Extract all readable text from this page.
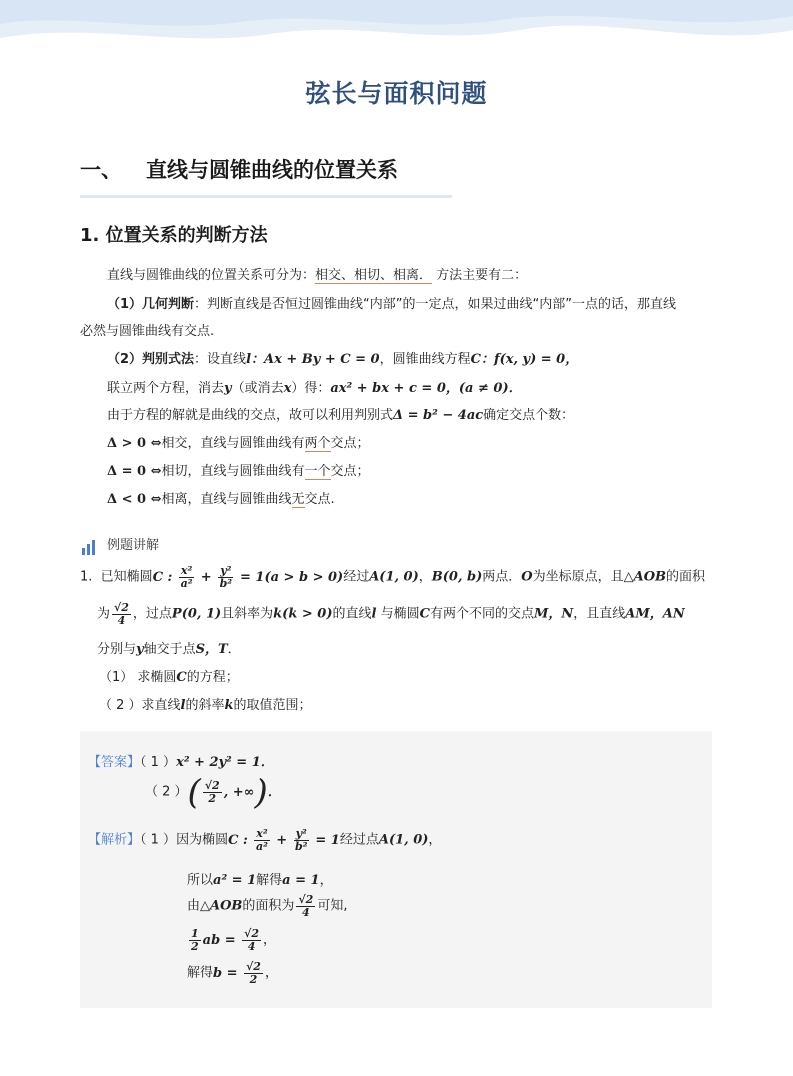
弦长与面积问题
一、 直线与圆锥曲线的位置关系
1. 位置关系的判断方法
直线与圆锥曲线的位置关系可分为：相交、相切、相离． 方法主要有二：
（1）几何判断：判断直线是否恒过圆锥曲线“内部”的一定点，如果过曲线“内部”一点的话，那直线
必然与圆锥曲线有交点.
（2）判别式法：设直线l：Ax + By + C = 0，圆锥曲线方程C：f(x, y) = 0，
联立两个方程，消去y（或消去x）得：ax² + bx + c = 0，(a ≠ 0)．
由于方程的解就是曲线的交点，故可以利用判别式Δ = b² − 4ac确定交点个数：
Δ > 0 ⇔相交，直线与圆锥曲线有两个交点；
Δ = 0 ⇔相切，直线与圆锥曲线有一个交点；
Δ < 0 ⇔相离，直线与圆锥曲线无交点.
例题讲解
1. 已知椭圆C : $\frac{\text{x²}}{\text{a²}} + \frac{\text{y²}}{\text{b²}} = 1(a > b > 0)$经过A(1, 0)，B(0, b)两点．O为坐标原点，且△AOB的面积
为 $\frac{√2}{4}$ ，过点P(0, 1)且斜率为k(k > 0)的直线l 与椭圆C有两个不同的交点M，N，且直线AM，AN
分别与y轴交于点S，T．
（1） 求椭圆C的方程；
（ 2 ）求直线l的斜率k的取值范围；
【答案】（ 1 ）x² + 2y² = 1．
（ 2 ）( $\frac{√2}{2}$ , +∞)．
【解析】（ 1 ）因为椭圆C : $\frac{\text{x²}}{\text{a²}} + \frac{\text{y²}}{\text{b²}} = 1$经过点A(1, 0)，
所以a² = 1解得a = 1，
由△AOB的面积为 $\frac{√2}{4}$ 可知,
$\frac{1}{2}$ ab = $\frac{√2}{4}$ ，
解得$b = \frac{√2}{2}$ ，
